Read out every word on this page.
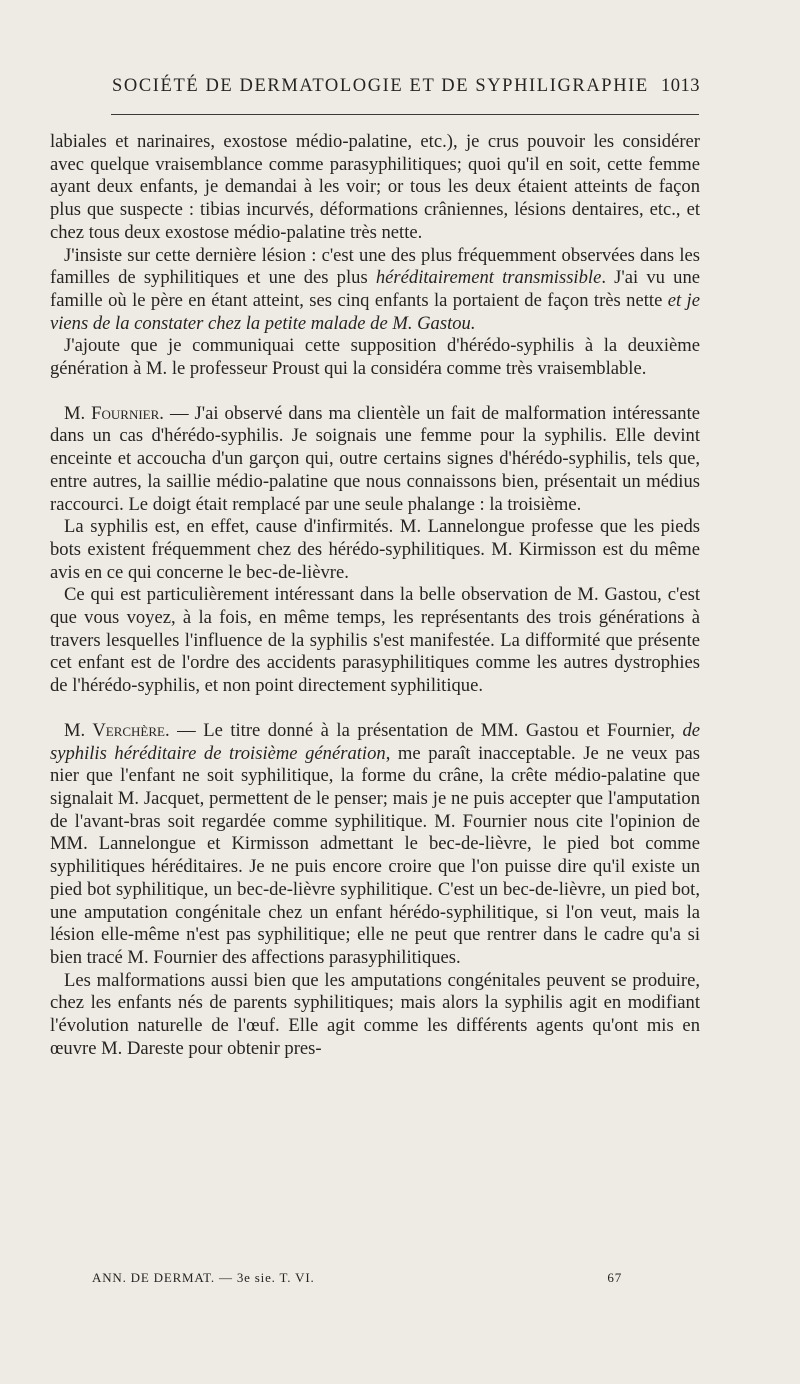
SOCIÉTÉ DE DERMATOLOGIE ET DE SYPHILIGRAPHIE 1013

labiales et narinaires, exostose médio-palatine, etc.), je crus pouvoir les considérer avec quelque vraisemblance comme parasyphilitiques; quoi qu'il en soit, cette femme ayant deux enfants, je demandai à les voir; or tous les deux étaient atteints de façon plus que suspecte : tibias incurvés, déformations crâniennes, lésions dentaires, etc., et chez tous deux exostose médio-palatine très nette.

J'insiste sur cette dernière lésion : c'est une des plus fréquemment observées dans les familles de syphilitiques et une des plus héréditairement transmissible. J'ai vu une famille où le père en étant atteint, ses cinq enfants la portaient de façon très nette et je viens de la constater chez la petite malade de M. Gastou.

J'ajoute que je communiquai cette supposition d'hérédo-syphilis à la deuxième génération à M. le professeur Proust qui la considéra comme très vraisemblable.

M. Fournier. — J'ai observé dans ma clientèle un fait de malformation intéressante dans un cas d'hérédo-syphilis. Je soignais une femme pour la syphilis. Elle devint enceinte et accoucha d'un garçon qui, outre certains signes d'hérédo-syphilis, tels que, entre autres, la saillie médio-palatine que nous connaissons bien, présentait un médius raccourci. Le doigt était remplacé par une seule phalange : la troisième.

La syphilis est, en effet, cause d'infirmités. M. Lannelongue professe que les pieds bots existent fréquemment chez des hérédo-syphilitiques. M. Kirmisson est du même avis en ce qui concerne le bec-de-lièvre.

Ce qui est particulièrement intéressant dans la belle observation de M. Gastou, c'est que vous voyez, à la fois, en même temps, les représentants des trois générations à travers lesquelles l'influence de la syphilis s'est manifestée. La difformité que présente cet enfant est de l'ordre des accidents parasyphilitiques comme les autres dystrophies de l'hérédo-syphilis, et non point directement syphilitique.

M. Verchère. — Le titre donné à la présentation de MM. Gastou et Fournier, de syphilis héréditaire de troisième génération, me paraît inacceptable. Je ne veux pas nier que l'enfant ne soit syphilitique, la forme du crâne, la crête médio-palatine que signalait M. Jacquet, permettent de le penser; mais je ne puis accepter que l'amputation de l'avant-bras soit regardée comme syphilitique. M. Fournier nous cite l'opinion de MM. Lannelongue et Kirmisson admettant le bec-de-lièvre, le pied bot comme syphilitiques héréditaires. Je ne puis encore croire que l'on puisse dire qu'il existe un pied bot syphilitique, un bec-de-lièvre syphilitique. C'est un bec-de-lièvre, un pied bot, une amputation congénitale chez un enfant hérédo-syphilitique, si l'on veut, mais la lésion elle-même n'est pas syphilitique; elle ne peut que rentrer dans le cadre qu'a si bien tracé M. Fournier des affections parasyphilitiques.

Les malformations aussi bien que les amputations congénitales peuvent se produire, chez les enfants nés de parents syphilitiques; mais alors la syphilis agit en modifiant l'évolution naturelle de l'œuf. Elle agit comme les différents agents qu'ont mis en œuvre M. Dareste pour obtenir pres-

ANN. DE DERMAT. — 3e sie. T. VI.	67
